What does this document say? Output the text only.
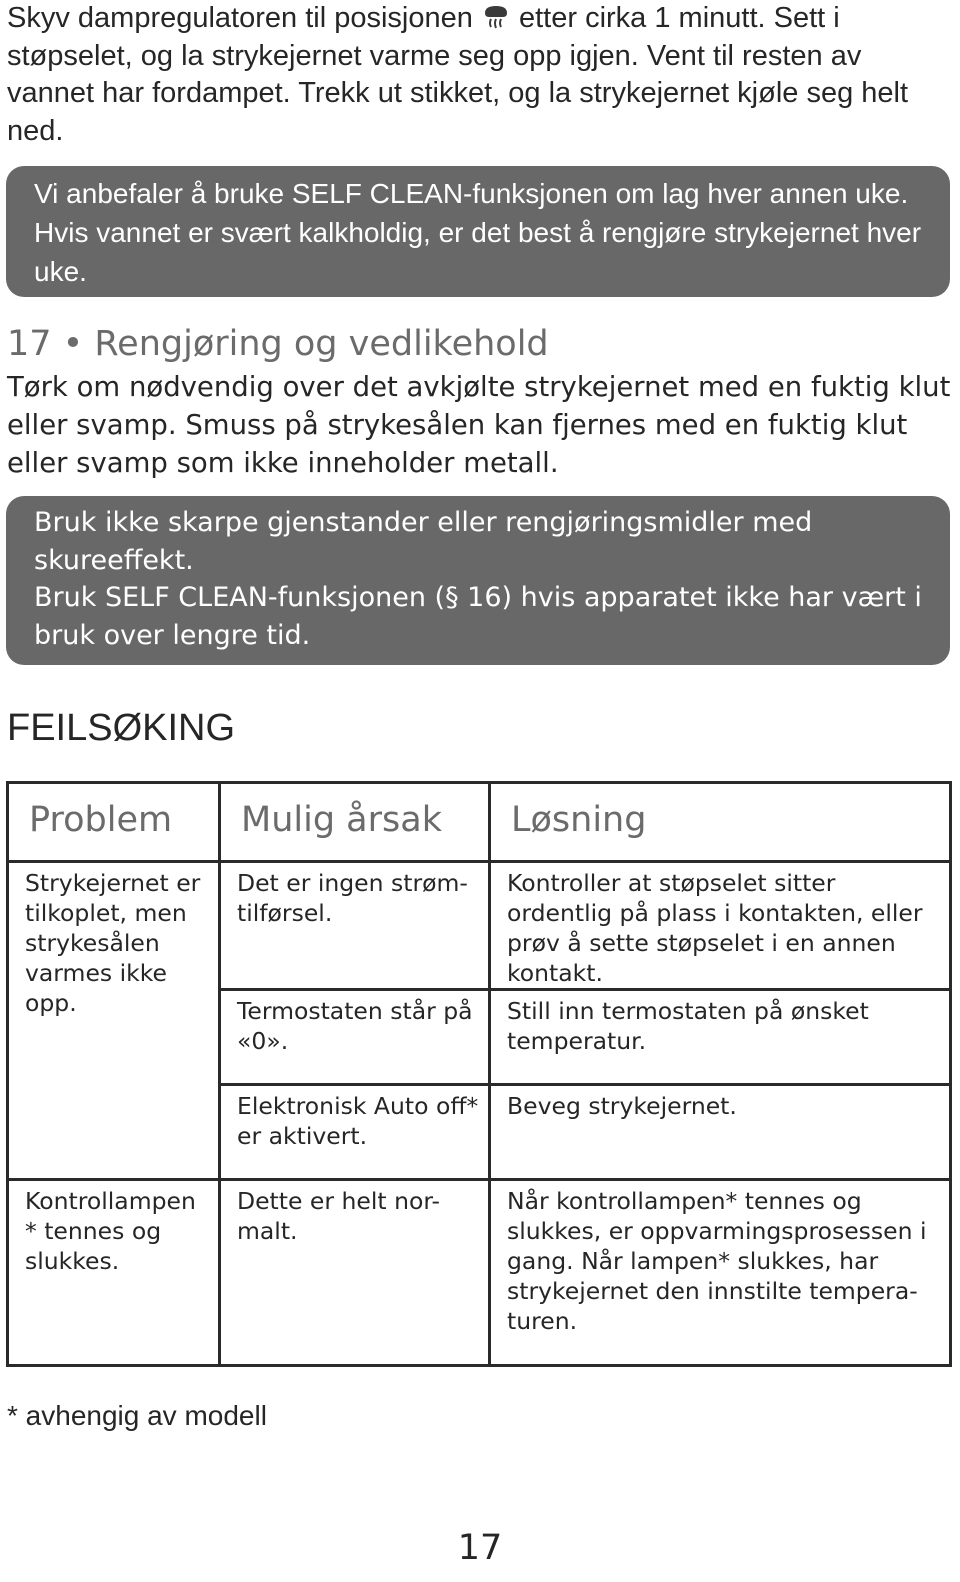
Skyv dampregulatoren til posisjonen etter cirka 1 minutt. Sett i støpselet, og la strykejernet varme seg opp igjen. Vent til resten av vannet har fordampet. Trekk ut stikket, og la strykejernet kjøle seg helt ned.
Vi anbefaler å bruke SELF CLEAN-funksjonen om lag hver annen uke. Hvis vannet er svært kalkholdig, er det best å rengjøre strykejernet hver uke.
17 • Rengjøring og vedlikehold
Tørk om nødvendig over det avkjølte strykejernet med en fuktig klut eller svamp. Smuss på strykesålen kan fjernes med en fuktig klut eller svamp som ikke inneholder metall.

Bruk ikke skarpe gjenstander eller rengjøringsmidler med skureeffekt.

Bruk SELF CLEAN-funksjonen (§ 16) hvis apparatet ikke har vært i bruk over lengre tid.

FEILSØKING
Problem	Mulig årsak	Løsning
Strykejernet er tilkoplet, men strykesålen varmes ikke opp.	Det er ingen strøm-tilførsel.	Kontroller at støpselet sitter ordentlig på plass i kontakten, eller prøv å sette støpselet i en annen kontakt.
	Termostaten står på «0».	Still inn termostaten på ønsket temperatur.
	Elektronisk Auto off* er aktivert.	Beveg strykejernet.
Kontrollampen * tennes og slukkes.	Dette er helt nor-malt.	Når kontrollampen* tennes og slukkes, er oppvarmingsprosessen i gang. Når lampen* slukkes, har strykejernet den innstilte tempera-turen.
* avhengig av modell
17
